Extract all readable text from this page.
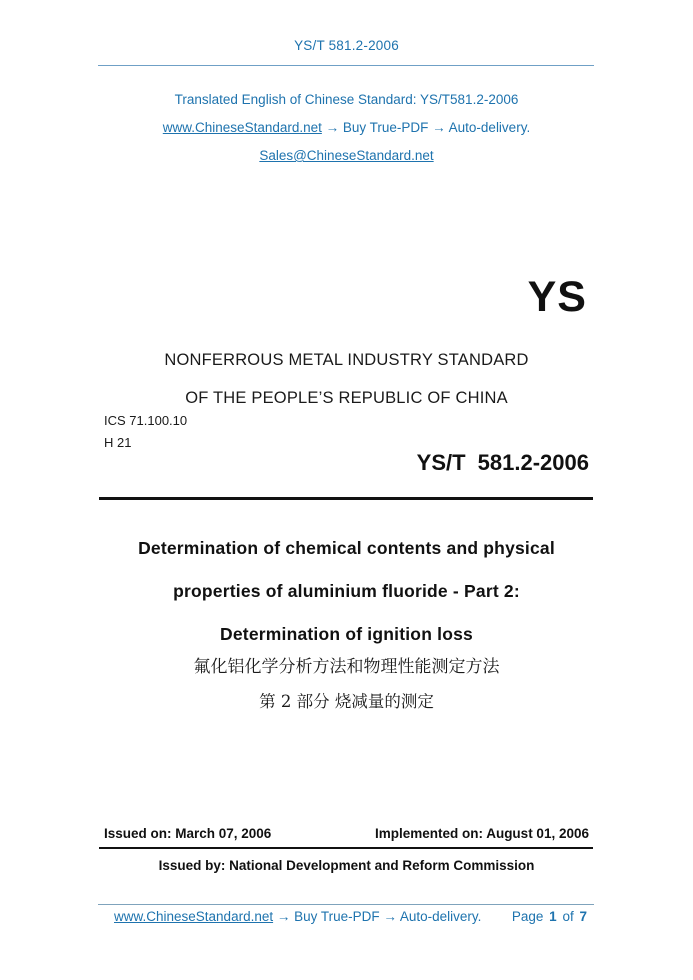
YS/T 581.2-2006
Translated English of Chinese Standard: YS/T581.2-2006
www.ChineseStandard.net → Buy True-PDF → Auto-delivery.
Sales@ChineseStandard.net
YS
NONFERROUS METAL INDUSTRY STANDARD
OF THE PEOPLE’S REPUBLIC OF CHINA
ICS 71.100.10
H 21
YS/T 581.2-2006
Determination of chemical contents and physical
properties of aluminium fluoride - Part 2:
Determination of ignition loss
氟化铝化学分析方法和物理性能测定方法
第 2 部分 烧减量的测定
Issued on: March 07, 2006	Implemented on: August 01, 2006
Issued by: National Development and Reform Commission
www.ChineseStandard.net → Buy True-PDF → Auto-delivery. Page 1 of 7
